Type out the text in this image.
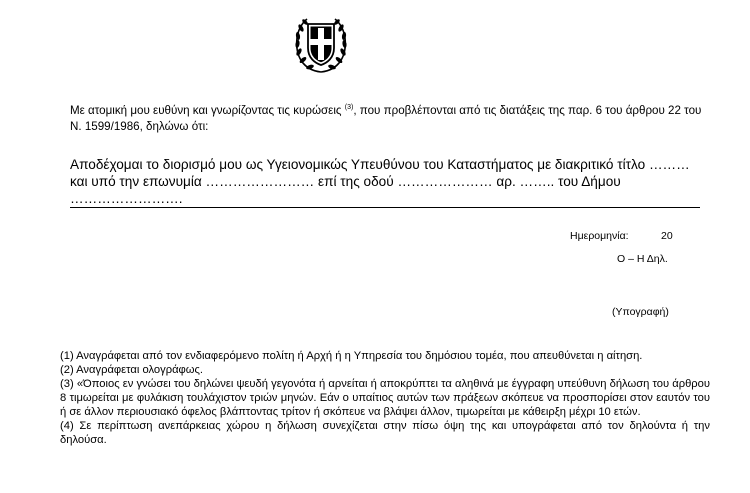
Με ατομική μου ευθύνη και γνωρίζοντας τις κυρώσεις $^{(3)}$, που προβλέπονται από τις διατάξεις της παρ. 6 του άρθρου 22 του Ν. 1599/1986, δηλώνω ότι:
Αποδέχομαι το διορισμό μου ως Υγειονομικώς Υπευθύνου του Καταστήματος με διακριτικό τίτλο ……… και υπό την επωνυμία …………………… επί της οδού ………………… αρ. …….. του Δήμου …………………….
Ημερομηνία:	20
Ο – Η Δηλ.
(Υπογραφή)

(1) Αναγράφεται από τον ενδιαφερόμενο πολίτη ή Αρχή ή η Υπηρεσία του δημόσιου τομέα, που απευθύνεται η αίτηση.

(2) Αναγράφεται ολογράφως.

(3) «Όποιος εν γνώσει του δηλώνει ψευδή γεγονότα ή αρνείται ή αποκρύπτει τα αληθινά με έγγραφη υπεύθυνη δήλωση του άρθρου 8 τιμωρείται με φυλάκιση τουλάχιστον τριών μηνών. Εάν ο υπαίτιος αυτών των πράξεων σκόπευε να προσπορίσει στον εαυτόν του ή σε άλλον περιουσιακό όφελος βλάπτοντας τρίτον ή σκόπευε να βλάψει άλλον, τιμωρείται με κάθειρξη μέχρι 10 ετών.

(4) Σε περίπτωση ανεπάρκειας χώρου η δήλωση συνεχίζεται στην πίσω όψη της και υπογράφεται από τον δηλούντα ή την δηλούσα.
